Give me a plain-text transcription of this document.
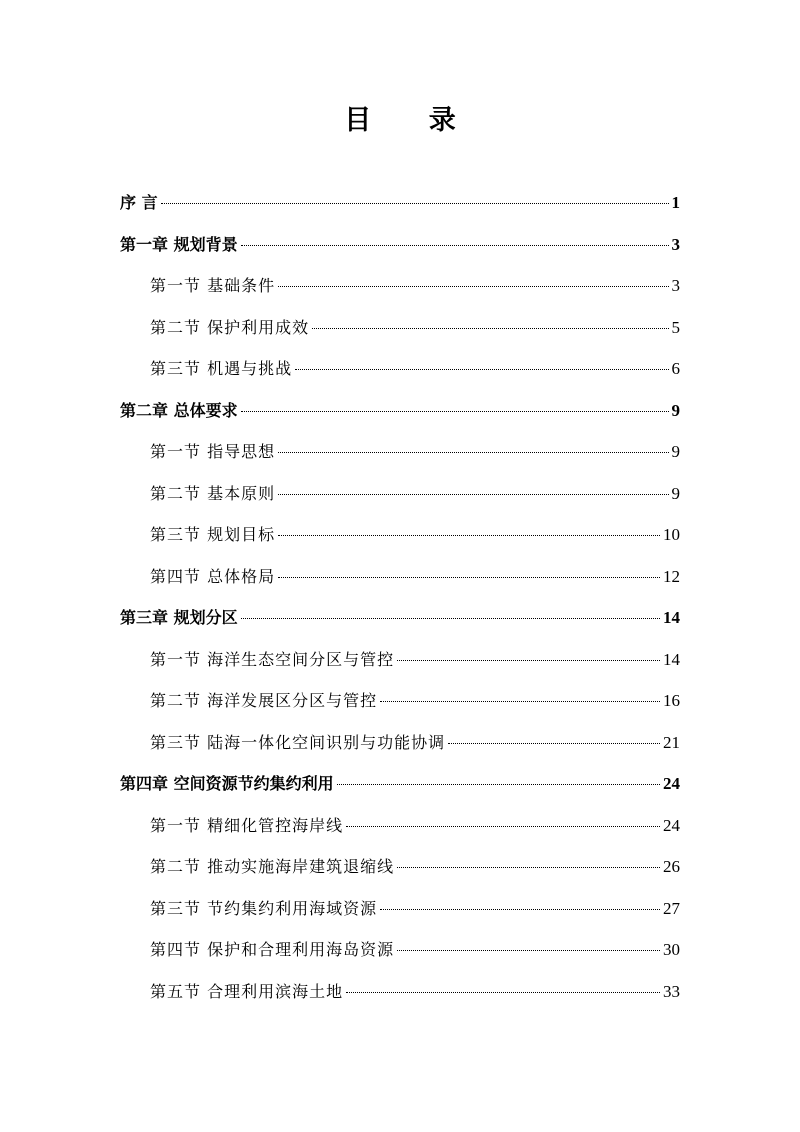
目 录
序 言	1
第一章 规划背景	3
第一节 基础条件	3
第二节 保护利用成效	5
第三节 机遇与挑战	6
第二章 总体要求	9
第一节 指导思想	9
第二节 基本原则	9
第三节 规划目标	10
第四节 总体格局	12
第三章 规划分区	14
第一节 海洋生态空间分区与管控	14
第二节 海洋发展区分区与管控	16
第三节 陆海一体化空间识别与功能协调	21
第四章 空间资源节约集约利用	24
第一节 精细化管控海岸线	24
第二节 推动实施海岸建筑退缩线	26
第三节 节约集约利用海域资源	27
第四节 保护和合理利用海岛资源	30
第五节 合理利用滨海土地	33
